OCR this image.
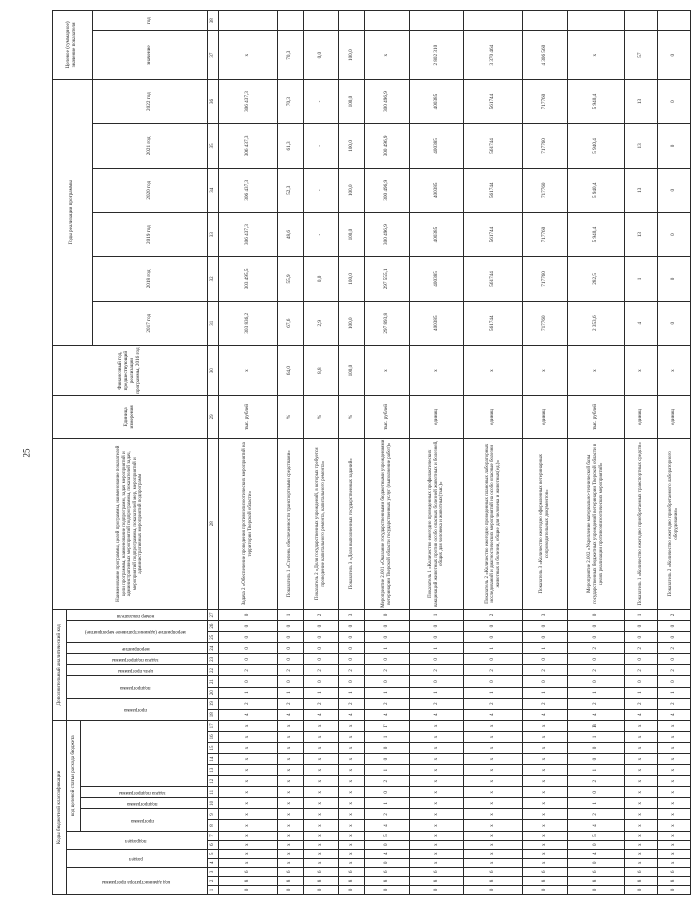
25
Коды бюджетной классификации																	Дополнительный аналитический код										Наименование программы, целей программы, наименование показателей цели программы, наименование подпрограмм, задач мероприятий и административных мероприятий подпрограммы, показателей задач, мероприятий подпрограммы, показателей мер, мероприятий и административных мероприятий подпрограмм	Единица измерения	Финансовый год, предшествующий реализации программы, 2016 год	Годы реализации программы						Целевое (суммарное) значение показателя	
код администратора программы			раздел		подраздел		код целевой статьи расхода бюджета										программа		подпрограмма		цель программы	задача подпрограммы	мероприятие	мероприятие (административное мероприятие)		номер показателя											
							программа		подпрограмма	задача подпрограммы																											
																														2017 год	2018 год	2019 год	2020 год	2021 год	2022 год	значение	год
1	2	3	4	5	6	7	8	9	10	11	12	13	14	15	16	17	18	19	20	21	22	23	24	25	26	27	28	29	30	31	32	33	34	35	36	37	38
0	8	6	x	x	x	x	x	x	x	x	x	x	x	x	x	x	4	2	1	0	2	0	0	0	0	0	Задача 2 «Обеспечение проведения противоэпизоотических мероприятий на территории Тверской области»	тыс. рублей	х	303 836,2	303 495,5	306 437,3	306 437,3	306 437,3	306 437,3	х	
0	8	6	x	x	x	x	x	x	x	x	x	x	x	x	x	x	4	2	1	0	2	0	0	0	0	1	Показатель 1 «Степень обеспеченности транспортными средствами»	%	64,0	67,6	55,9	48,6	52,3	61,3	70,3	70,3	
0	8	6	x	x	x	x	x	x	x	x	x	x	x	x	x	x	4	2	1	0	2	0	0	0	0	2	Показатель 2 «Доля государственных учреждений, в которых требуется проведение капитального ремонта, капитального ремонта»	%	8,8	2,9	0,0	-	-	-	-	0,0	
0	8	6	x	x	x	x	x	x	x	x	x	x	x	x	x	x	4	2	1	0	2	0	0	0	0	3	Показатель 3 «Доля выполненных государственных заданий»	%	100,0	100,0	100,0	100,0	100,0	100,0	100,0	100,0	
0	8	6	0	4	0	5	4	2	1	0	2	1	0	0	1	Г	4	2	1	0	2	0	1	0	0	0	Мероприятие 2.001 «Оказание государственными бюджетными учреждениями ветеринарии Тверской области государственных услуг (выполнение работ)»	тыс. рублей	х	297 893,8	297 555,1	300 496,9	300 496,9	300 496,9	300 496,9	х	
0	8	6	x	x	x	x	x	x	x	x	x	x	x	x	x	x	4	2	1	0	2	0	1	0	0	1	Показатель 1 «Количество ежегодно проведенных профилактических вакцинаций животных против особо опасных болезней животных и болезней, общих для человека и животных(тыс.)»	единиц	х	400385	400385	400385	400385	400385	400385	2 802 310	
0	8	6	x	x	x	x	x	x	x	x	x	x	x	x	x	x	4	2	1	0	2	0	1	0	0	2	Показатель 2 «Количество ежегодно проведенных плановых лабораторных исследований и диагностических мероприятий на особо опасные болезни животных и болезни, общие для человека и животных(ед.)»	единиц	х	561744	561744	561744	561744	561744	561744	3 370 464	
0	8	6	x	x	x	x	x	x	x	x	x	x	x	x	x	x	4	2	1	0	2	0	1	0	0	3	Показатель 3 «Количество ежегодно оформленных ветеринарных сопроводительных документов»	единиц	х	717760	717760	717760	717760	717760	717760	4 306 560	
0	8	6	0	4	0	5	4	2	1	0	2	1	0	0	1	В	4	2	1	0	2	0	2	0	0	0	Мероприятие 2.002 «Укрепление материально-технической базы государственных бюджетных учреждений ветеринарии Тверской области в целях реализации противоэпизоотических мероприятий»	тыс. рублей	х	2 353,6	282,5	5 940,4	5 940,4	5 940,4	5 940,4	х	
0	8	6	x	x	x	x	x	x	x	x	x	x	x	x	x	x	4	2	1	0	2	0	2	0	0	1	Показатель 1 «Количество ежегодно приобретаемых транспортных средств»	единиц	х	4	1	13	13	13	13	57	
0	8	6	x	x	x	x	x	x	x	x	x	x	x	x	x	x	4	2	1	0	2	0	2	0	0	2	Показатель 2 «Количество ежегодно приобретаемого лабораторного оборудования»	единиц	х	0	0	0	0	0	0	0	
